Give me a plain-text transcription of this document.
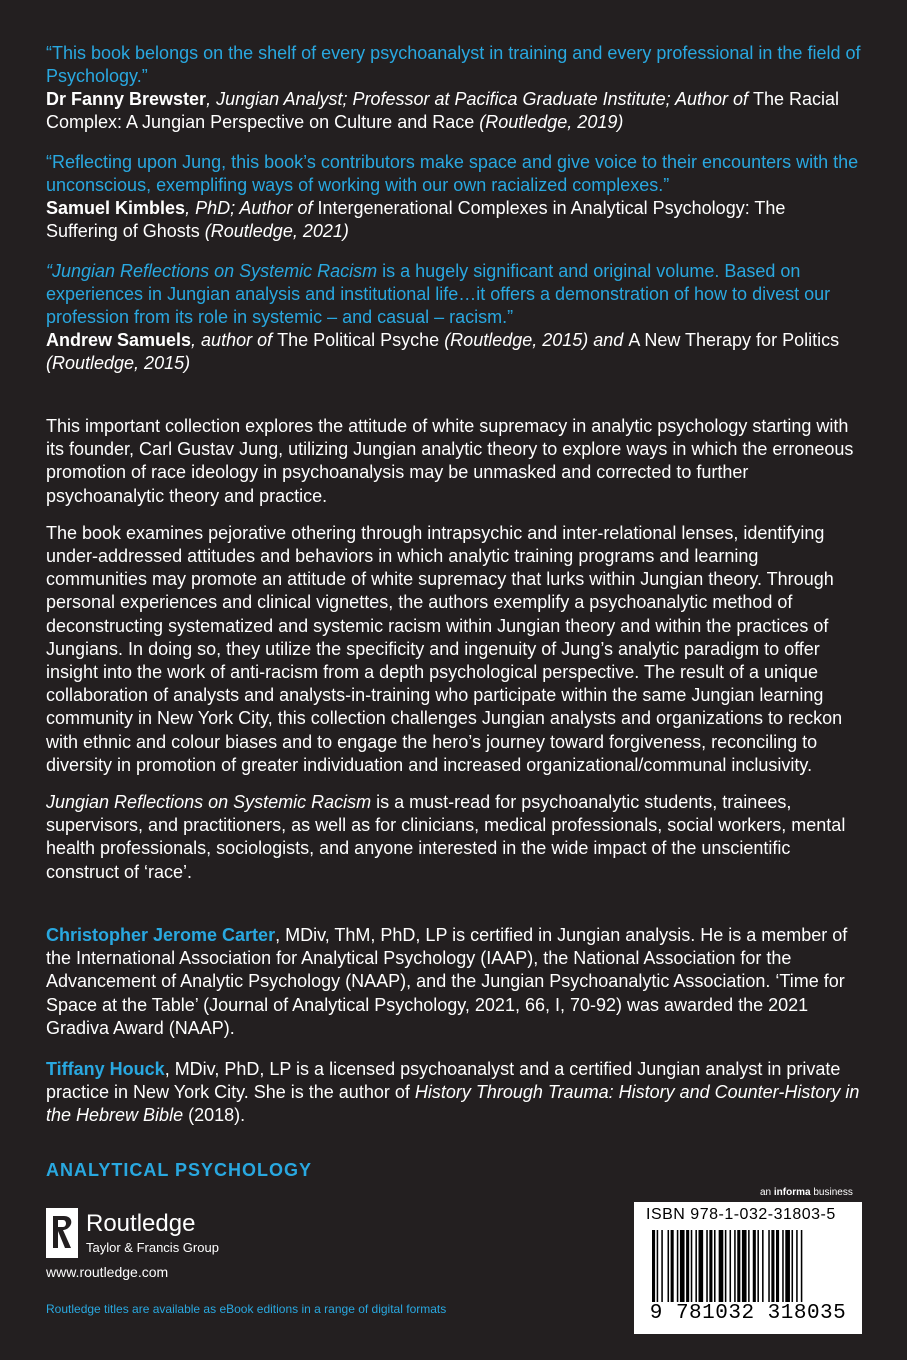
“This book belongs on the shelf of every psychoanalyst in training and every professional in the field of Psychology.”
Dr Fanny Brewster, Jungian Analyst; Professor at Pacifica Graduate Institute; Author of The Racial Complex: A Jungian Perspective on Culture and Race (Routledge, 2019)
“Reflecting upon Jung, this book’s contributors make space and give voice to their encounters with the unconscious, exemplifing ways of working with our own racialized complexes.”
Samuel Kimbles, PhD; Author of Intergenerational Complexes in Analytical Psychology: The Suffering of Ghosts (Routledge, 2021)
“Jungian Reflections on Systemic Racism is a hugely significant and original volume. Based on experiences in Jungian analysis and institutional life…it offers a demonstration of how to divest our profession from its role in systemic – and casual – racism.”
Andrew Samuels, author of The Political Psyche (Routledge, 2015) and A New Therapy for Politics (Routledge, 2015)

This important collection explores the attitude of white supremacy in analytic psychology starting with its founder, Carl Gustav Jung, utilizing Jungian analytic theory to explore ways in which the erroneous promotion of race ideology in psychoanalysis may be unmasked and corrected to further psychoanalytic theory and practice.

The book examines pejorative othering through intrapsychic and inter-relational lenses, identifying under-addressed attitudes and behaviors in which analytic training programs and learning communities may promote an attitude of white supremacy that lurks within Jungian theory. Through personal experiences and clinical vignettes, the authors exemplify a psychoanalytic method of deconstructing systematized and systemic racism within Jungian theory and within the practices of Jungians. In doing so, they utilize the specificity and ingenuity of Jung’s analytic paradigm to offer insight into the work of anti-racism from a depth psychological perspective. The result of a unique collaboration of analysts and analysts-in-training who participate within the same Jungian learning community in New York City, this collection challenges Jungian analysts and organizations to reckon with ethnic and colour biases and to engage the hero’s journey toward forgiveness, reconciling to diversity in promotion of greater individuation and increased organizational/communal inclusivity.

Jungian Reflections on Systemic Racism is a must-read for psychoanalytic students, trainees, supervisors, and practitioners, as well as for clinicians, medical professionals, social workers, mental health professionals, sociologists, and anyone interested in the wide impact of the unscientific construct of ‘race’.

Christopher Jerome Carter, MDiv, ThM, PhD, LP is certified in Jungian analysis. He is a member of the International Association for Analytical Psychology (IAAP), the National Association for the Advancement of Analytic Psychology (NAAP), and the Jungian Psychoanalytic Association. ‘Time for Space at the Table’ (Journal of Analytical Psychology, 2021, 66, I, 70-92) was awarded the 2021 Gradiva Award (NAAP).
Tiffany Houck, MDiv, PhD, LP is a licensed psychoanalyst and a certified Jungian analyst in private practice in New York City. She is the author of History Through Trauma: History and Counter-History in the Hebrew Bible (2018).
ANALYTICAL PSYCHOLOGY
Routledge
Taylor & Francis Group
www.routledge.com
Routledge titles are available as eBook editions in a range of digital formats
an informa business
ISBN 978-1-032-31803-5
9 781032 318035
